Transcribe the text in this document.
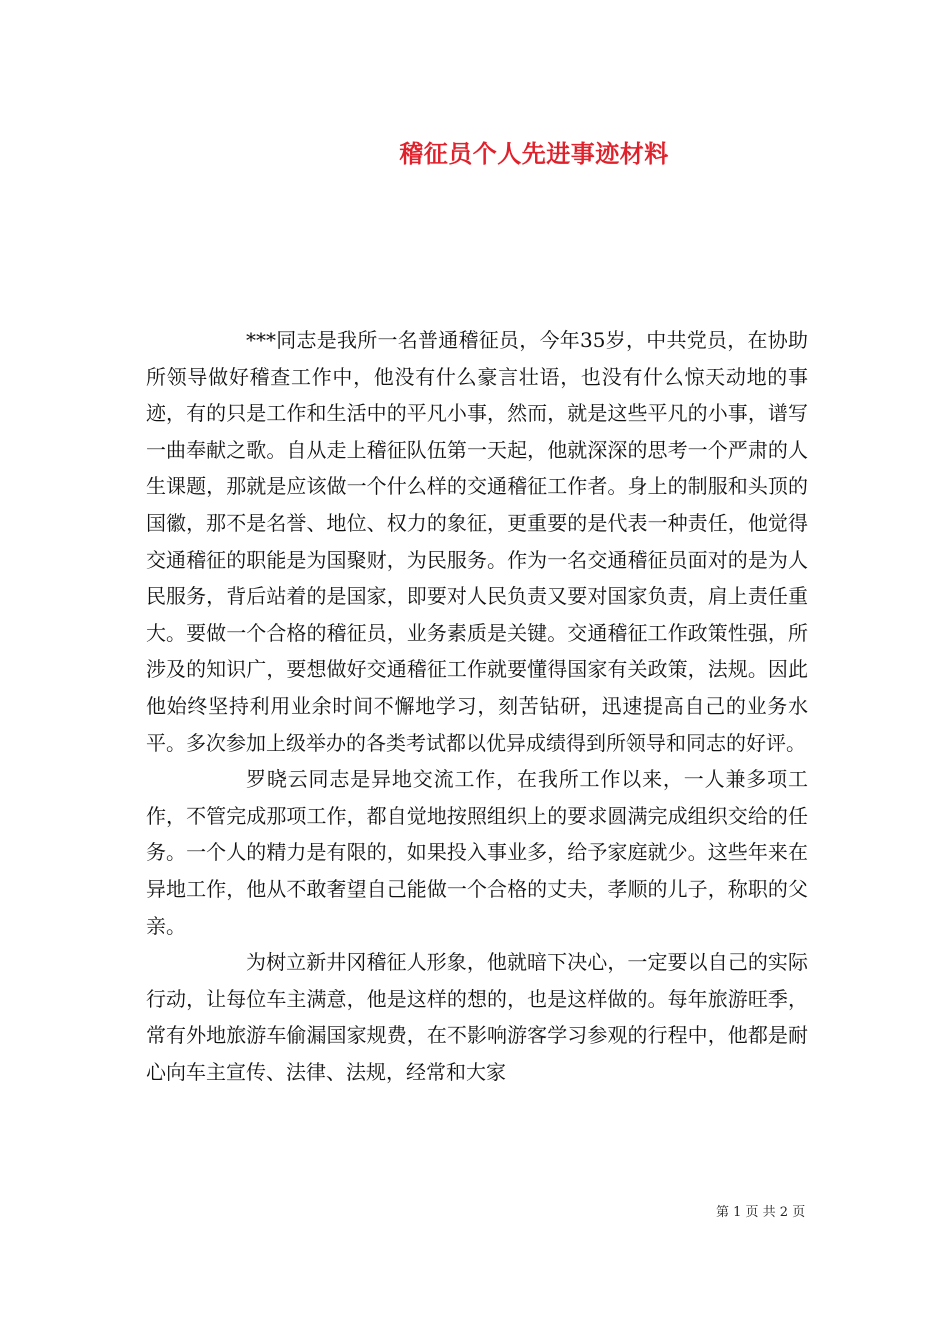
稽征员个人先进事迹材料

***同志是我所一名普通稽征员，今年35岁，中共党员，在协助所领导做好稽查工作中，他没有什么豪言壮语，也没有什么惊天动地的事迹，有的只是工作和生活中的平凡小事，然而，就是这些平凡的小事，谱写一曲奉献之歌。自从走上稽征队伍第一天起，他就深深的思考一个严肃的人生课题，那就是应该做一个什么样的交通稽征工作者。身上的制服和头顶的国徽，那不是名誉、地位、权力的象征，更重要的是代表一种责任，他觉得交通稽征的职能是为国聚财，为民服务。作为一名交通稽征员面对的是为人民服务，背后站着的是国家，即要对人民负责又要对国家负责，肩上责任重大。要做一个合格的稽征员，业务素质是关键。交通稽征工作政策性强，所涉及的知识广，要想做好交通稽征工作就要懂得国家有关政策，法规。因此他始终坚持利用业余时间不懈地学习，刻苦钻研，迅速提高自己的业务水平。多次参加上级举办的各类考试都以优异成绩得到所领导和同志的好评。

罗晓云同志是异地交流工作，在我所工作以来，一人兼多项工作，不管完成那项工作，都自觉地按照组织上的要求圆满完成组织交给的任务。一个人的精力是有限的，如果投入事业多，给予家庭就少。这些年来在异地工作，他从不敢奢望自己能做一个合格的丈夫，孝顺的儿子，称职的父亲。

为树立新井冈稽征人形象，他就暗下决心，一定要以自己的实际行动，让每位车主满意，他是这样的想的，也是这样做的。每年旅游旺季，常有外地旅游车偷漏国家规费，在不影响游客学习参观的行程中，他都是耐心向车主宣传、法律、法规，经常和大家

第 1 页 共 2 页
